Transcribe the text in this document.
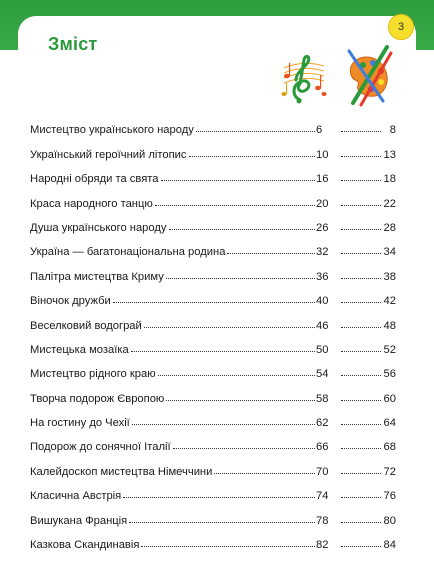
3
Зміст
Мистецтво українського народу	6	8
Український героїчний літопис	10	13
Народні обряди та свята	16	18
Краса народного танцю	20	22
Душа українського народу	26	28
Україна — багатонаціональна родина	32	34
Палітра мистецтва Криму	36	38
Віночок дружби	40	42
Веселковий водограй	46	48
Мистецька мозаїка	50	52
Мистецтво рідного краю	54	56
Творча подорож Європою	58	60
На гостину до Чехії	62	64
Подорож до сонячної Італії	66	68
Калейдоскоп мистецтва Німеччини	70	72
Класична Австрія	74	76
Вишукана Франція	78	80
Казкова Скандинавія	82	84
